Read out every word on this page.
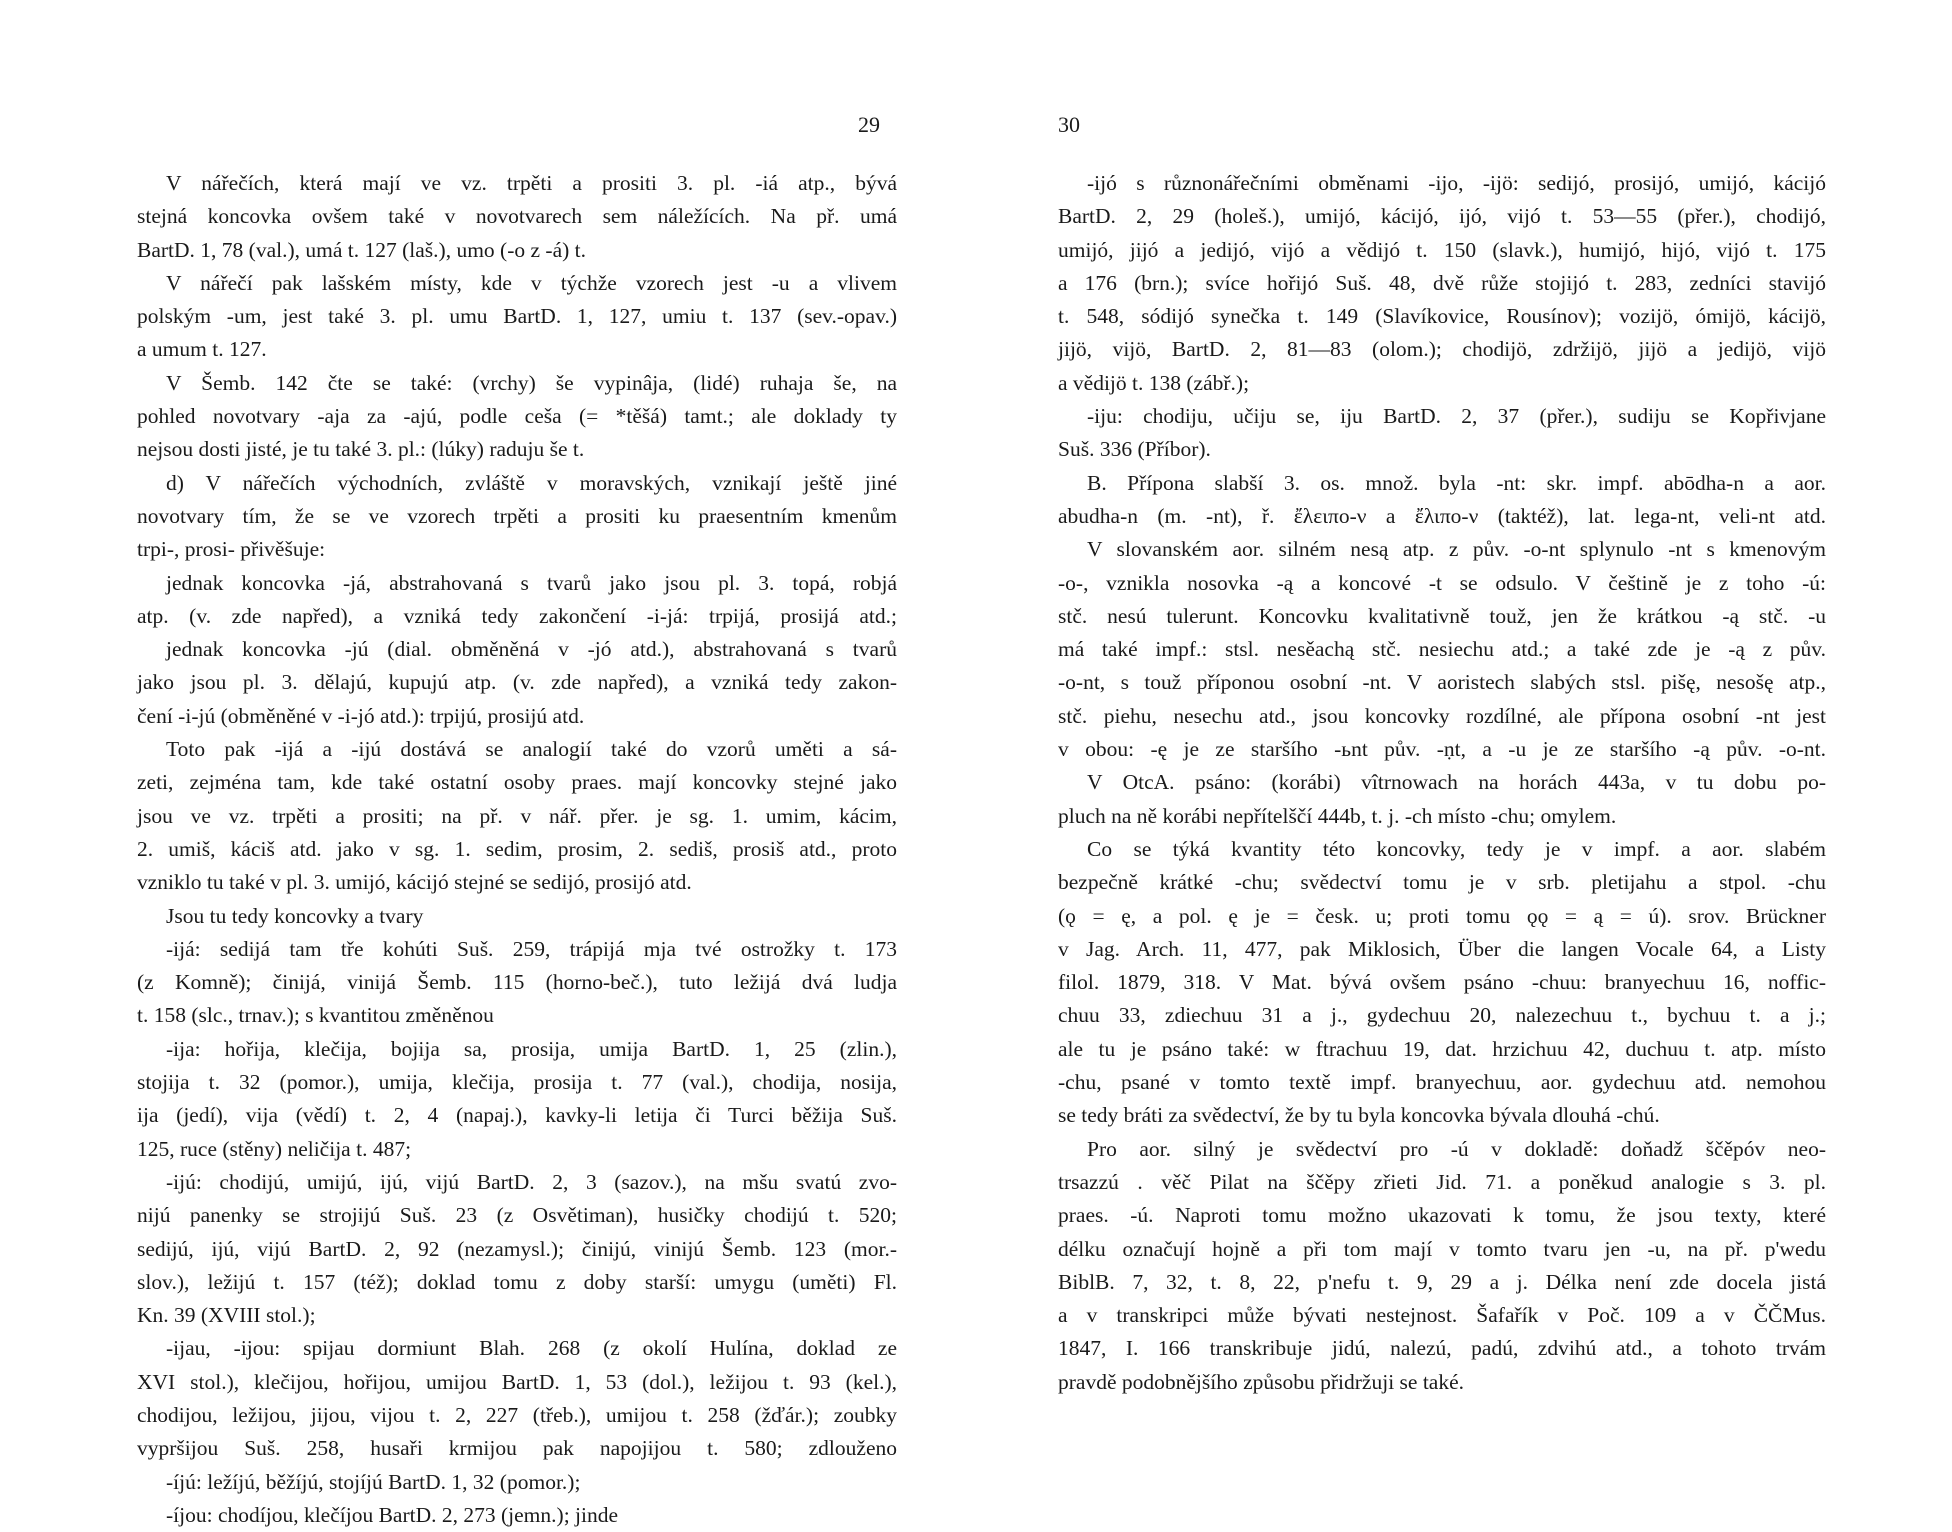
29	30
V nářečích, která mají ve vz. trpěti a prositi 3. pl. -iá atp., bývá
stejná koncovka ovšem také v novotvarech sem náležících. Na př. umá
BartD. 1, 78 (val.), umá t. 127 (laš.), umo (-o z -á) t.
V nářečí pak lašském místy, kde v týchže vzorech jest -u a vlivem
polským -um, jest také 3. pl. umu BartD. 1, 127, umiu t. 137 (sev.-opav.)
a umum t. 127.
V Šemb. 142 čte se také: (vrchy) še vypinâja, (lidé) ruhaja še, na
pohled novotvary -aja za -ajú, podle ceša (= *těšá) tamt.; ale doklady ty
nejsou dosti jisté, je tu také 3. pl.: (lúky) raduju še t.
d) V nářečích východních, zvláště v moravských, vznikají ještě jiné
novotvary tím, že se ve vzorech trpěti a prositi ku praesentním kmenům
trpi-, prosi- přivěšuje:
jednak koncovka -já, abstrahovaná s tvarů jako jsou pl. 3. topá, robjá
atp. (v. zde napřed), a vzniká tedy zakončení -i-já: trpijá, prosijá atd.;
jednak koncovka -jú (dial. obměněná v -jó atd.), abstrahovaná s tvarů
jako jsou pl. 3. dělajú, kupujú atp. (v. zde napřed), a vzniká tedy zakon-
čení -i-jú (obměněné v -i-jó atd.): trpijú, prosijú atd.
Toto pak -ijá a -ijú dostává se analogií také do vzorů uměti a sá-
zeti, zejména tam, kde také ostatní osoby praes. mají koncovky stejné jako
jsou ve vz. trpěti a prositi; na př. v nář. přer. je sg. 1. umim, kácim,
2. umiš, káciš atd. jako v sg. 1. sedim, prosim, 2. sediš, prosiš atd., proto
vzniklo tu také v pl. 3. umijó, kácijó stejné se sedijó, prosijó atd.
Jsou tu tedy koncovky a tvary
-ijá: sedijá tam tře kohúti Suš. 259, trápijá mja tvé ostrožky t. 173
(z Komně); činijá, vinijá Šemb. 115 (horno-beč.), tuto ležijá dvá ludja
t. 158 (slc., trnav.); s kvantitou změněnou
-ija: hořija, klečija, bojija sa, prosija, umija BartD. 1, 25 (zlin.),
stojija t. 32 (pomor.), umija, klečija, prosija t. 77 (val.), chodija, nosija,
ija (jedí), vija (vědí) t. 2, 4 (napaj.), kavky-li letija či Turci běžija Suš.
125, ruce (stěny) neličija t. 487;
-ijú: chodijú, umijú, ijú, vijú BartD. 2, 3 (sazov.), na mšu svatú zvo-
nijú panenky se strojijú Suš. 23 (z Osvětiman), husičky chodijú t. 520;
sedijú, ijú, vijú BartD. 2, 92 (nezamysl.); činijú, vinijú Šemb. 123 (mor.-
slov.), ležijú t. 157 (též); doklad tomu z doby starší: umygu (uměti) Fl.
Kn. 39 (XVIII stol.);
-ijau, -ijou: spijau dormiunt Blah. 268 (z okolí Hulína, doklad ze
XVI stol.), klečijou, hořijou, umijou BartD. 1, 53 (dol.), ležijou t. 93 (kel.),
chodijou, ležijou, jijou, vijou t. 2, 227 (třeb.), umijou t. 258 (žďár.); zoubky
vypršijou Suš. 258, husaři krmijou pak napojijou t. 580; zdlouženo
-íjú: ležíjú, běžíjú, stojíjú BartD. 1, 32 (pomor.);
-íjou: chodíjou, klečíjou BartD. 2, 273 (jemn.); jinde
-ijó s různonářečními obměnami -ijo, -ijö: sedijó, prosijó, umijó, kácijó
BartD. 2, 29 (holeš.), umijó, kácijó, ijó, vijó t. 53—55 (přer.), chodijó,
umijó, jijó a jedijó, vijó a vědijó t. 150 (slavk.), humijó, hijó, vijó t. 175
a 176 (brn.); svíce hořijó Suš. 48, dvě růže stojijó t. 283, zedníci stavijó
t. 548, sódijó synečka t. 149 (Slavíkovice, Rousínov); vozijö, ómijö, kácijö,
jijö, vijö, BartD. 2, 81—83 (olom.); chodijö, zdržijö, jijö a jedijö, vijö
a vědijö t. 138 (zábř.);
-iju: chodiju, učiju se, iju BartD. 2, 37 (přer.), sudiju se Kopřivjane
Suš. 336 (Příbor).
B. Přípona slabší 3. os. množ. byla -nt: skr. impf. abōdha-n a aor.
abudha-n (m. -nt), ř. ἔλειπο-ν a ἔλιπο-ν (taktéž), lat. lega-nt, veli-nt atd.
V slovanském aor. silném nesą atp. z pův. -o-nt splynulo -nt s kmenovým
-o-, vznikla nosovka -ą a koncové -t se odsulo. V češtině je z toho -ú:
stč. nesú tulerunt. Koncovku kvalitativně touž, jen že krátkou -ą stč. -u
má také impf.: stsl. nesěachą stč. nesiechu atd.; a také zde je -ą z pův.
-o-nt, s touž příponou osobní -nt. V aoristech slabých stsl. pišę, nesošę atp.,
stč. piehu, nesechu atd., jsou koncovky rozdílné, ale přípona osobní -nt jest
v obou: -ę je ze staršího -ьnt pův. -ṇt, a -u je ze staršího -ą pův. -o-nt.
V OtcA. psáno: (korábi) vîtrnowach na horách 443a, v tu dobu po-
pluch na ně korábi nepřítelščí 444b, t. j. -ch místo -chu; omylem.
Co se týká kvantity této koncovky, tedy je v impf. a aor. slabém
bezpečně krátké -chu; svědectví tomu je v srb. pletijahu a stpol. -chu
(ǫ = ę, a pol. ę je = česk. u; proti tomu ǫǫ = ą = ú). srov. Brückner
v Jag. Arch. 11, 477, pak Miklosich, Über die langen Vocale 64, a Listy
filol. 1879, 318. V Mat. bývá ovšem psáno -chuu: branyechuu 16, noffic-
chuu 33, zdiechuu 31 a j., gydechuu 20, nalezechuu t., bychuu t. a j.;
ale tu je psáno také: w ftrachuu 19, dat. hrzichuu 42, duchuu t. atp. místo
-chu, psané v tomto textě impf. branyechuu, aor. gydechuu atd. nemohou
se tedy bráti za svědectví, že by tu byla koncovka bývala dlouhá -chú.
Pro aor. silný je svědectví pro -ú v dokladě: doňadž ščěpóv neo-
trsazzú . věč Pilat na ščěpy zřieti Jid. 71. a poněkud analogie s 3. pl.
praes. -ú. Naproti tomu možno ukazovati k tomu, že jsou texty, které
délku označují hojně a při tom mají v tomto tvaru jen -u, na př. p'wedu
BiblB. 7, 32, t. 8, 22, p'nefu t. 9, 29 a j. Délka není zde docela jistá
a v transkripci může bývati nestejnost. Šafařík v Poč. 109 a v ČČMus.
1847, I. 166 transkribuje jidú, nalezú, padú, zdvihú atd., a tohoto trvám
pravdě podobnějšího způsobu přidržuji se také.
